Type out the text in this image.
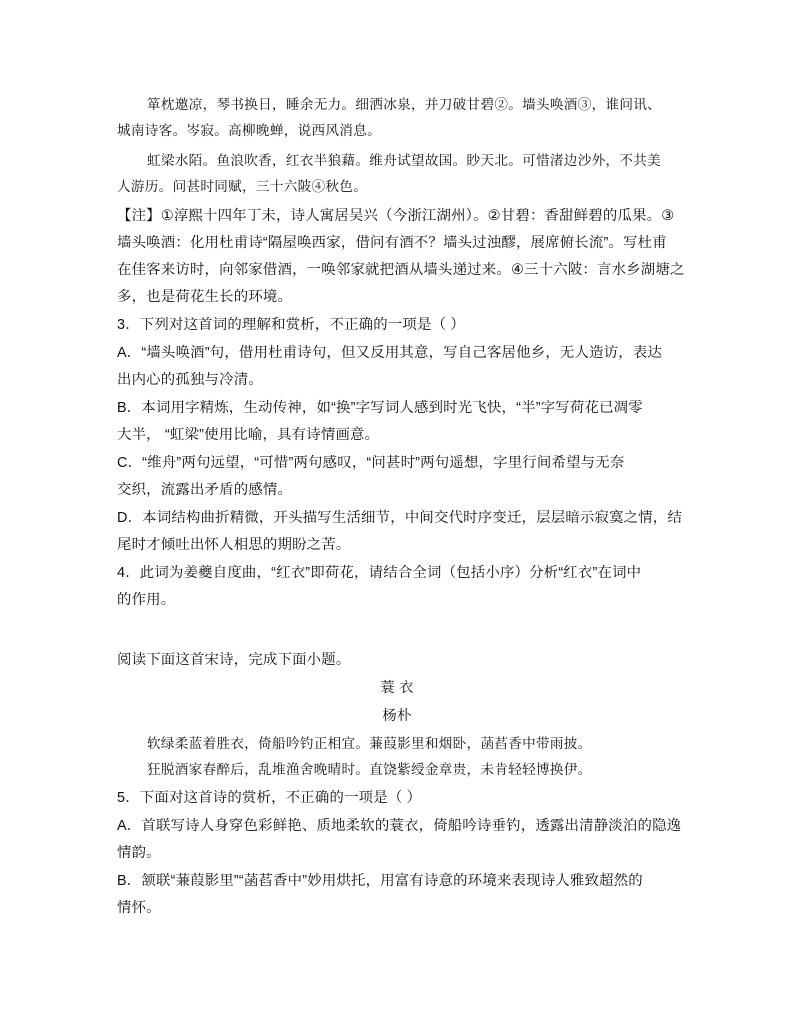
箪枕邀凉，琴书换日，睡余无力。细洒冰泉，并刀破甘碧②。墙头唤酒③，谁问讯、
城南诗客。岑寂。高柳晚蝉，说西风消息。
虹梁水陌。鱼浪吹香，红衣半狼藉。维舟试望故国。眇天北。可惜渚边沙外，不共美
人游历。问甚时同赋，三十六陂④秋色。
【注】①淳熙十四年丁未，诗人寓居吴兴（今浙江湖州）。②甘碧：香甜鲜碧的瓜果。③
墙头唤酒：化用杜甫诗“隔屋唤西家，借问有酒不？墙头过浊醪，展席俯长流”。写杜甫
在佳客来访时，向邻家借酒，一唤邻家就把酒从墙头递过来。④三十六陂：言水乡湖塘之
多，也是荷花生长的环境。
3．下列对这首词的理解和赏析，不正确的一项是（ ）
A．“墙头唤酒”句，借用杜甫诗句，但又反用其意，写自己客居他乡，无人造访，表达
出内心的孤独与冷清。
B．本词用字精炼，生动传神，如“换”字写词人感到时光飞快，“半”字写荷花已凋零
大半， “虹梁”使用比喻，具有诗情画意。
C．“维舟”两句远望，“可惜”两句感叹，“问甚时”两句遥想，字里行间希望与无奈
交织，流露出矛盾的感情。
D．本词结构曲折精微，开头描写生活细节，中间交代时序变迁，层层暗示寂寞之情，结
尾时才倾吐出怀人相思的期盼之苦。
4．此词为姜夔自度曲，“红衣”即荷花，请结合全词（包括小序）分析“红衣”在词中
的作用。
阅读下面这首宋诗，完成下面小题。
蓑 衣
杨朴
软绿柔蓝着胜衣，倚船吟钓正相宜。蒹葭影里和烟卧，菡萏香中带雨披。
狂脱酒家春醉后，乱堆渔舍晚晴时。直饶紫绶金章贵，未肯轻轻博换伊。
5．下面对这首诗的赏析，不正确的一项是（ ）
A．首联写诗人身穿色彩鲜艳、质地柔软的蓑衣，倚船吟诗垂钓，透露出清静淡泊的隐逸
情韵。
B．颔联“蒹葭影里”“菡萏香中”妙用烘托，用富有诗意的环境来表现诗人雅致超然的
情怀。
